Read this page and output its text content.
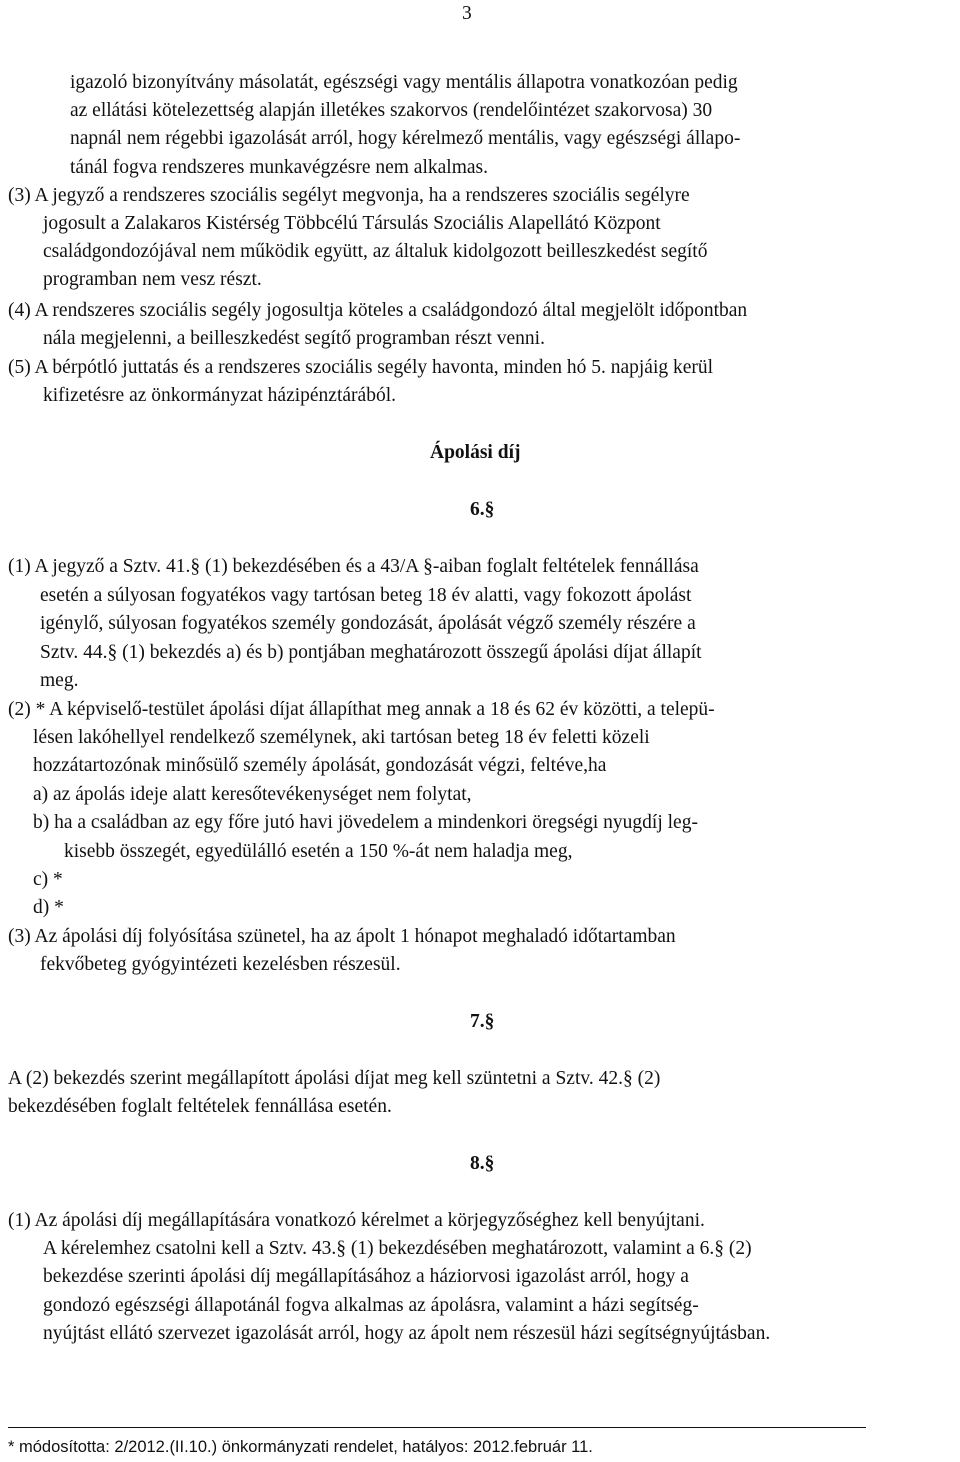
3
igazoló bizonyítvány másolatát, egészségi vagy mentális állapotra vonatkozóan pedig
az ellátási kötelezettség alapján illetékes szakorvos (rendelőintézet szakorvosa) 30
napnál nem régebbi igazolását arról, hogy kérelmező mentális, vagy egészségi állapo-
tánál fogva rendszeres munkavégzésre nem alkalmas.
(3) A jegyző a rendszeres szociális segélyt megvonja, ha a rendszeres szociális segélyre
jogosult a Zalakaros Kistérség Többcélú Társulás Szociális Alapellátó Központ
családgondozójával nem működik együtt, az általuk kidolgozott beilleszkedést segítő
programban nem vesz részt.
(4) A rendszeres szociális segély jogosultja köteles a családgondozó által megjelölt időpontban
nála megjelenni, a beilleszkedést segítő programban részt venni.
(5) A bérpótló juttatás és a rendszeres szociális segély havonta, minden hó 5. napjáig kerül
kifizetésre az önkormányzat házipénztárából.
Ápolási díj
6.§
(1) A jegyző a Sztv. 41.§ (1) bekezdésében és a 43/A §-aiban foglalt feltételek fennállása
esetén a súlyosan fogyatékos vagy tartósan beteg 18 év alatti, vagy fokozott ápolást
igénylő, súlyosan fogyatékos személy gondozását, ápolását végző személy részére a
Sztv. 44.§ (1) bekezdés a) és b) pontjában meghatározott összegű ápolási díjat állapít
meg.
(2) * A képviselő-testület ápolási díjat állapíthat meg annak a 18 és 62 év közötti, a telepü-
lésen lakóhellyel rendelkező személynek, aki tartósan beteg 18 év feletti közeli
hozzátartozónak minősülő személy ápolását, gondozását végzi, feltéve,ha
a) az ápolás ideje alatt keresőtevékenységet nem folytat,
b) ha a családban az egy főre jutó havi jövedelem a mindenkori öregségi nyugdíj leg-
kisebb összegét, egyedülálló esetén a 150 %-át nem haladja meg,
c) *
d) *
(3) Az ápolási díj folyósítása szünetel, ha az ápolt 1 hónapot meghaladó időtartamban
fekvőbeteg gyógyintézeti kezelésben részesül.
7.§
A (2) bekezdés szerint megállapított ápolási díjat meg kell szüntetni a Sztv. 42.§ (2)
bekezdésében foglalt feltételek fennállása esetén.
8.§
(1) Az ápolási díj megállapítására vonatkozó kérelmet a körjegyzőséghez kell benyújtani.
A kérelemhez csatolni kell a Sztv. 43.§ (1) bekezdésében meghatározott, valamint a 6.§ (2)
bekezdése szerinti ápolási díj megállapításához a háziorvosi igazolást arról, hogy a
gondozó egészségi állapotánál fogva alkalmas az ápolásra, valamint a házi segítség-
nyújtást ellátó szervezet igazolását arról, hogy az ápolt nem részesül házi segítségnyújtásban.
* módosította: 2/2012.(II.10.) önkormányzati rendelet, hatályos: 2012.február 11.
